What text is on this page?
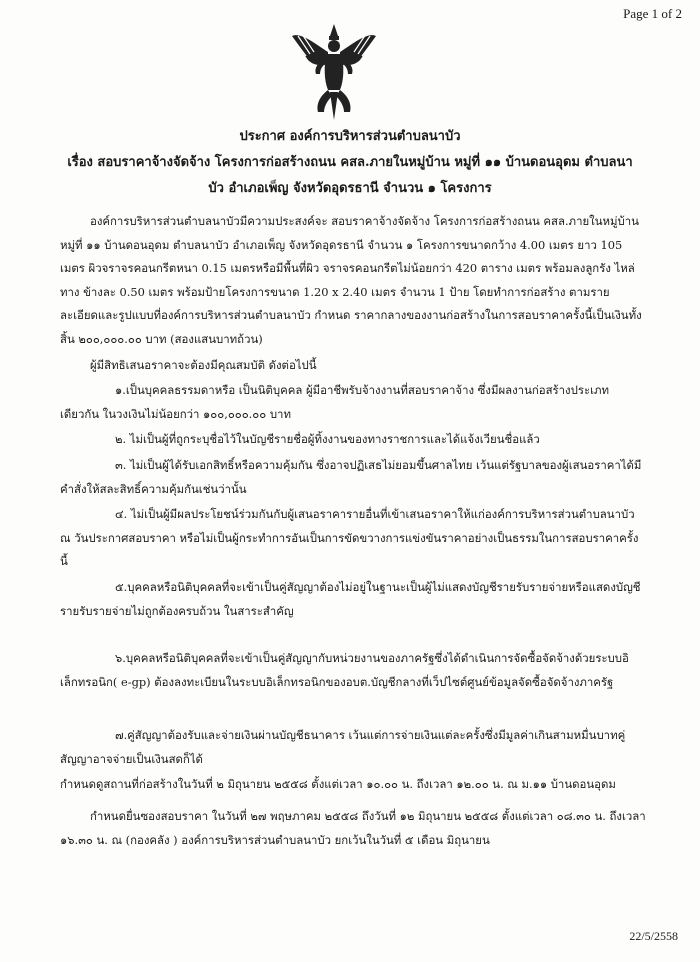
Page 1 of 2
ประกาศ องค์การบริหารส่วนตำบลนาบัว
เรื่อง สอบราคาจ้างจัดจ้าง โครงการก่อสร้างถนน คสล.ภายในหมู่บ้าน หมู่ที่ ๑๑ บ้านดอนอุดม ตำบลนา
บัว อำเภอเพ็ญ จังหวัดอุดรธานี จำนวน ๑ โครงการ

องค์การบริหารส่วนตำบลนาบัวมีความประสงค์จะ สอบราคาจ้างจัดจ้าง โครงการก่อสร้างถนน คสล.ภายในหมู่บ้าน หมู่ที่ ๑๑ บ้านดอนอุดม ตำบลนาบัว อำเภอเพ็ญ จังหวัดอุดรธานี จำนวน ๑ โครงการขนาดกว้าง 4.00 เมตร ยาว 105 เมตร ผิวจราจรคอนกรีตหนา 0.15 เมตรหรือมีพื้นที่ผิว จราจรคอนกรีตไม่น้อยกว่า 420 ตาราง เมตร พร้อมลงลูกรัง ไหล่ทาง ข้างละ 0.50 เมตร พร้อมป้ายโครงการขนาด 1.20 x 2.40 เมตร จำนวน 1 ป้าย โดยทำการก่อสร้าง ตามรายละเอียดและรูปแบบที่องค์การบริหารส่วนตำบลนาบัว กำหนด ราคากลางของงานก่อสร้างในการสอบราคาครั้งนี้เป็นเงินทั้งสิ้น ๒๐๐,๐๐๐.๐๐ บาท (สองแสนบาทถ้วน)

ผู้มีสิทธิเสนอราคาจะต้องมีคุณสมบัติ ดังต่อไปนี้

๑.เป็นบุคคลธรรมดาหรือ เป็นนิติบุคคล ผู้มีอาชีพรับจ้างงานที่สอบราคาจ้าง ซึ่งมีผลงานก่อสร้างประเภทเดียวกัน ในวงเงินไม่น้อยกว่า ๑๐๐,๐๐๐.๐๐ บาท

๒. ไม่เป็นผู้ที่ถูกระบุชื่อไว้ในบัญชีรายชื่อผู้ทิ้งงานของทางราชการและได้แจ้งเวียนชื่อแล้ว

๓. ไม่เป็นผู้ได้รับเอกสิทธิ์หรือความคุ้มกัน ซึ่งอาจปฏิเสธไม่ยอมขึ้นศาลไทย เว้นแต่รัฐบาลของผู้เสนอราคาได้มีคำสั่งให้สละสิทธิ์ความคุ้มกันเช่นว่านั้น

๔. ไม่เป็นผู้มีผลประโยชน์ร่วมกันกับผู้เสนอราคารายอื่นที่เข้าเสนอราคาให้แก่องค์การบริหารส่วนตำบลนาบัว ณ วันประกาศสอบราคา หรือไม่เป็นผู้กระทำการอันเป็นการขัดขวางการแข่งขันราคาอย่างเป็นธรรมในการสอบราคาครั้งนี้

๕.บุคคลหรือนิติบุคคลที่จะเข้าเป็นคู่สัญญาต้องไม่อยู่ในฐานะเป็นผู้ไม่แสดงบัญชีรายรับรายจ่ายหรือแสดงบัญชีรายรับรายจ่ายไม่ถูกต้องครบถ้วน ในสาระสำคัญ

๖.บุคคลหรือนิติบุคคลที่จะเข้าเป็นคู่สัญญากับหน่วยงานของภาครัฐซึ่งได้ดำเนินการจัดซื้อจัดจ้างด้วยระบบอิเล็กทรอนิก( e-gp) ต้องลงทะเบียนในระบบอิเล็กทรอนิกของอบต.บัญชีกลางที่เว็ปไซต์ศูนย์ข้อมูลจัดซื้อจัดจ้างภาครัฐ

๗.คู่สัญญาต้องรับและจ่ายเงินผ่านบัญชีธนาคาร เว้นแต่การจ่ายเงินแต่ละครั้งซึ่งมีมูลค่าเกินสามหมื่นบาทคู่สัญญาอาจจ่ายเป็นเงินสดก็ได้

กำหนดดูสถานที่ก่อสร้างในวันที่ ๒ มิถุนายน ๒๕๕๘ ตั้งแต่เวลา ๑๐.๐๐ น. ถึงเวลา ๑๒.๐๐ น. ณ ม.๑๑ บ้านดอนอุดม

กำหนดยื่นซองสอบราคา ในวันที่ ๒๗ พฤษภาคม ๒๕๕๘ ถึงวันที่ ๑๒ มิถุนายน ๒๕๕๘ ตั้งแต่เวลา ๐๘.๓๐ น. ถึงเวลา ๑๖.๓๐ น. ณ (กองคลัง ) องค์การบริหารส่วนตำบลนาบัว ยกเว้นในวันที่ ๕ เดือน มิถุนายน

22/5/2558
